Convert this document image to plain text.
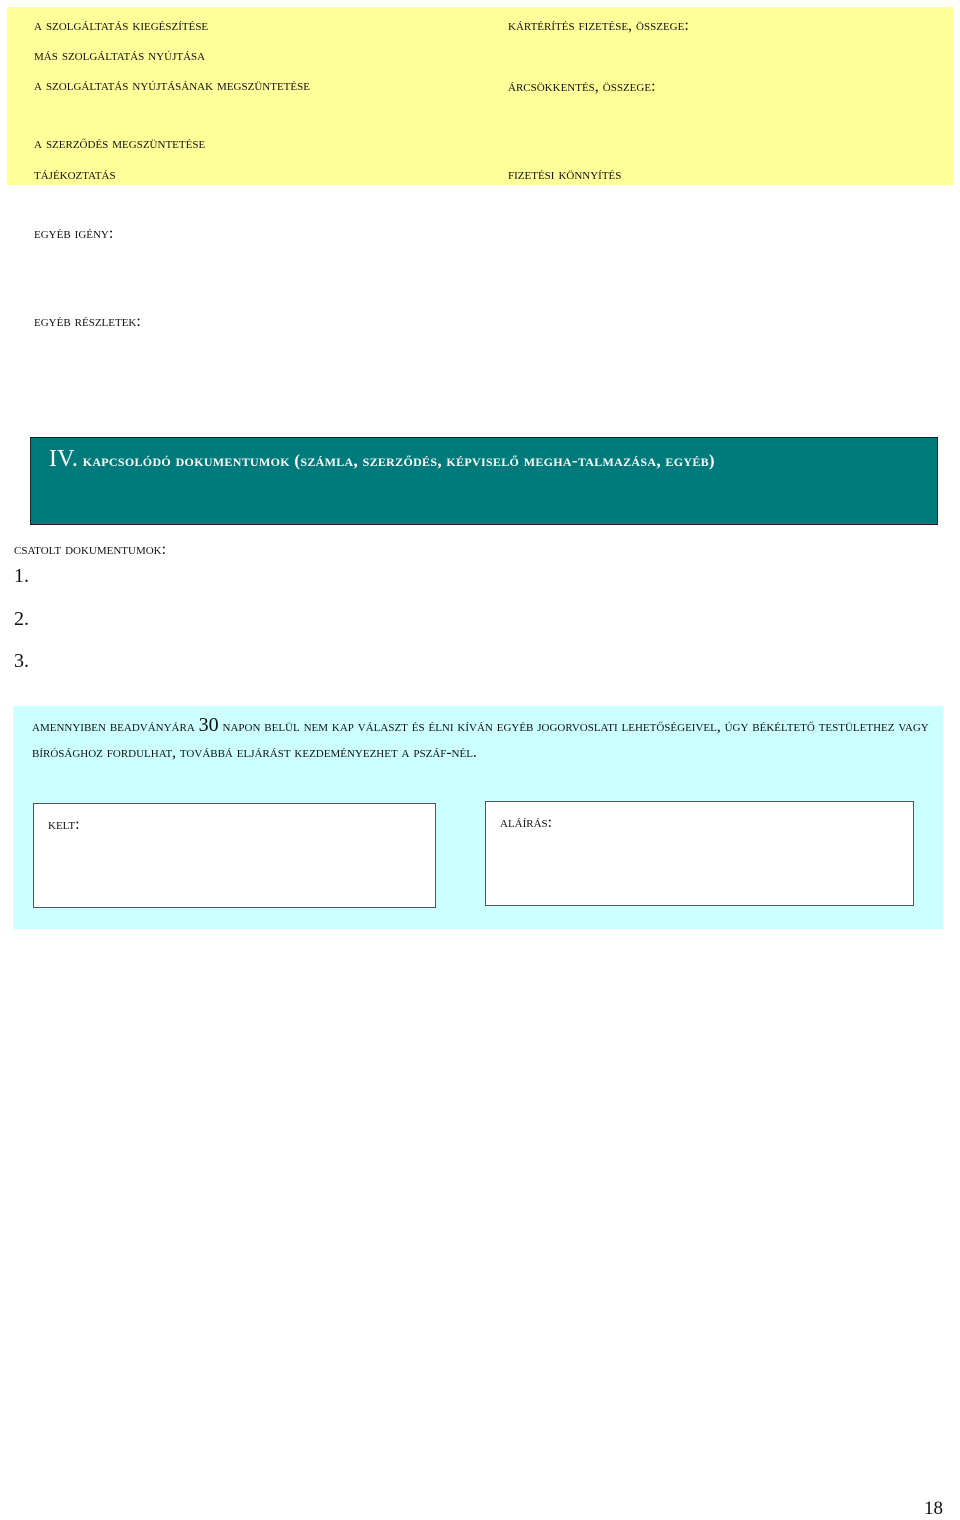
a szolgáltatás kiegészítése
más szolgáltatás nyújtása
a szolgáltatás nyújtásának megszüntetése
a szerződés megszüntetése
tájékoztatás
kártérítés fizetése, összege:
árcsökkentés, összege:
fizetési könnyítés
egyéb igény:
egyéb részletek:
IV. kapcsolódó dokumentumok (számla, szerződés, képviselő megha-talmazása, egyéb)
csatolt dokumentumok:
1.
2.
3.
amennyiben beadványára 30 napon belül nem kap választ és élni kíván egyéb jogorvoslati lehetőségeivel, úgy békéltető testülethez vagy bírósághoz fordulhat, továbbá eljárást kezdeményezhet a pszáf-nél.
kelt:	aláírás:
18
